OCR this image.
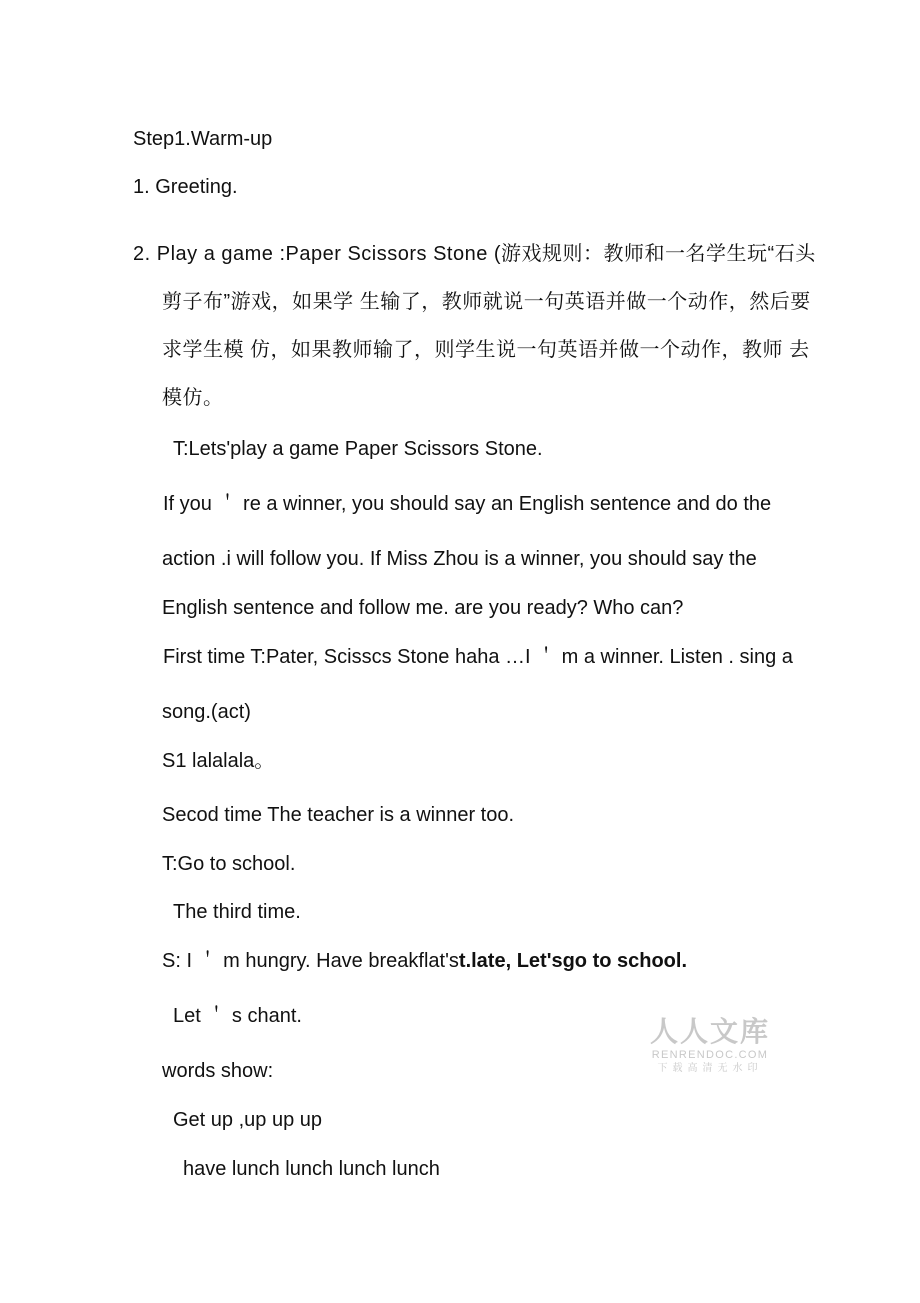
Step1.Warm-up
1. Greeting.
2. Play a game :Paper Scissors Stone (游戏规则：教师和一名学生玩“石头
剪子布”游戏，如果学 生输了，教师就说一句英语并做一个动作，然后要
求学生模 仿，如果教师输了，则学生说一句英语并做一个动作，教师 去
模仿。
T:Lets'play a game Paper Scissors Stone.
If you ＇ re a winner, you should say an English sentence and do the
action .i will follow you. If Miss Zhou is a winner, you should say the
English sentence and follow me. are you ready? Who can?
First time T:Pater, Scisscs Stone haha …I ＇ m a winner. Listen . sing a
song.(act)
S1 lalalala。
Secod time The teacher is a winner too.
T:Go to school.
The third time.
S: I ＇ m hungry. Have breakflat'st.late, Let'sgo to school.
Let ＇ s chant.
words show:
Get up ,up up up
have lunch lunch lunch lunch
人人文库
RENRENDOC.COM
下载高清无水印
